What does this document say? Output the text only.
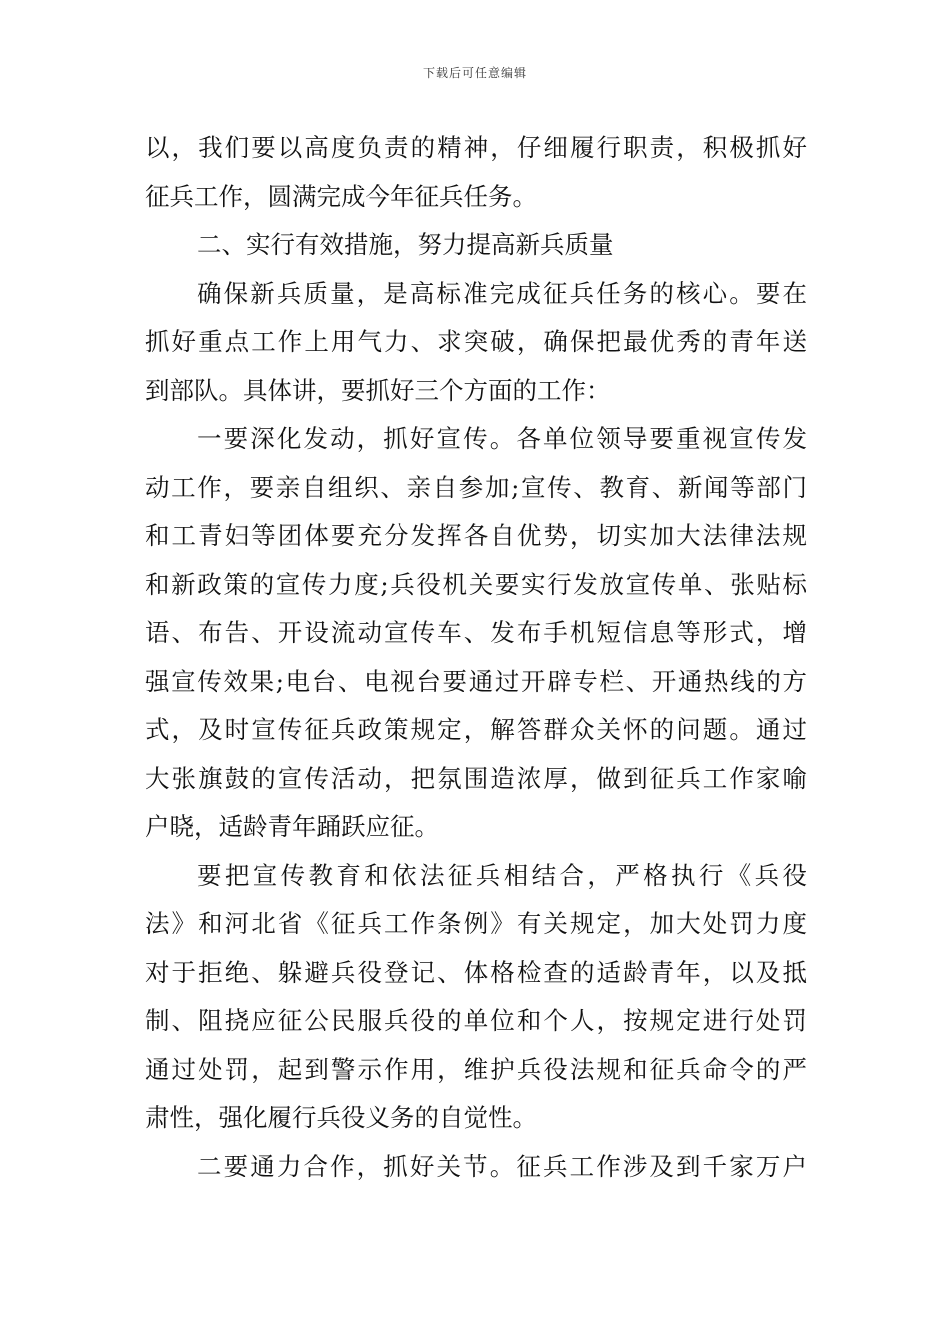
下载后可任意编辑
以，我们要以高度负责的精神，仔细履行职责，积极抓好
征兵工作，圆满完成今年征兵任务。
二、实行有效措施，努力提高新兵质量
确保新兵质量，是高标准完成征兵任务的核心。要在
抓好重点工作上用气力、求突破，确保把最优秀的青年送
到部队。具体讲，要抓好三个方面的工作：
一要深化发动，抓好宣传。各单位领导要重视宣传发
动工作，要亲自组织、亲自参加;宣传、教育、新闻等部门
和工青妇等团体要充分发挥各自优势，切实加大法律法规
和新政策的宣传力度;兵役机关要实行发放宣传单、张贴标
语、布告、开设流动宣传车、发布手机短信息等形式，增
强宣传效果;电台、电视台要通过开辟专栏、开通热线的方
式，及时宣传征兵政策规定，解答群众关怀的问题。通过
大张旗鼓的宣传活动，把氛围造浓厚，做到征兵工作家喻
户晓，适龄青年踊跃应征。
要把宣传教育和依法征兵相结合，严格执行《兵役
法》和河北省《征兵工作条例》有关规定，加大处罚力度
对于拒绝、躲避兵役登记、体格检查的适龄青年，以及抵
制、阻挠应征公民服兵役的单位和个人，按规定进行处罚
通过处罚，起到警示作用，维护兵役法规和征兵命令的严
肃性，强化履行兵役义务的自觉性。
二要通力合作，抓好关节。征兵工作涉及到千家万户
